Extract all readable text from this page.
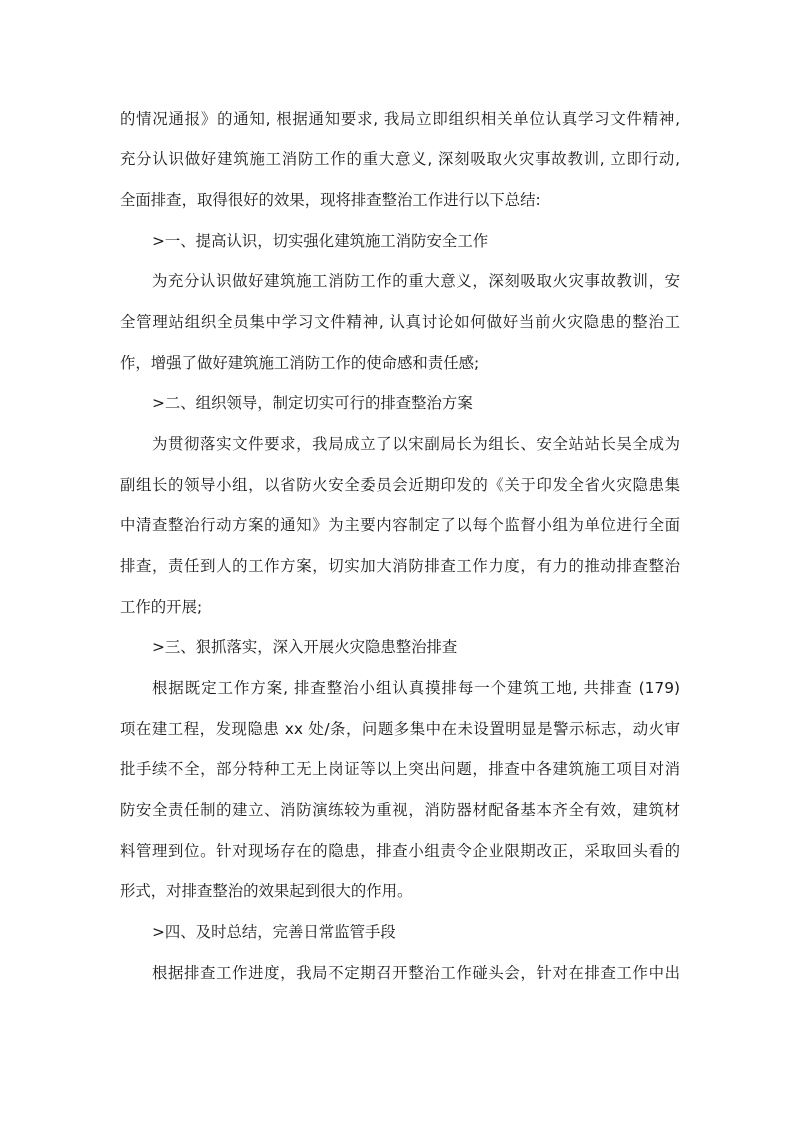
的情况通报》的通知, 根据通知要求, 我局立即组织相关单位认真学习文件精神,
充分认识做好建筑施工消防工作的重大意义, 深刻吸取火灾事故教训, 立即行动,
全面排查，取得很好的效果，现将排查整治工作进行以下总结:
>一、提高认识，切实强化建筑施工消防安全工作
为充分认识做好建筑施工消防工作的重大意义，深刻吸取火灾事故教训，安
全管理站组织全员集中学习文件精神, 认真讨论如何做好当前火灾隐患的整治工
作，增强了做好建筑施工消防工作的使命感和责任感;
>二、组织领导，制定切实可行的排查整治方案
为贯彻落实文件要求，我局成立了以宋副局长为组长、安全站站长吴全成为
副组长的领导小组，以省防火安全委员会近期印发的《关于印发全省火灾隐患集
中清查整治行动方案的通知》为主要内容制定了以每个监督小组为单位进行全面
排查，责任到人的工作方案，切实加大消防排查工作力度，有力的推动排查整治
工作的开展;
>三、狠抓落实，深入开展火灾隐患整治排查
根据既定工作方案, 排查整治小组认真摸排每一个建筑工地, 共排查 (179)
项在建工程，发现隐患 xx 处/条，问题多集中在未设置明显是警示标志，动火审
批手续不全，部分特种工无上岗证等以上突出问题，排查中各建筑施工项目对消
防安全责任制的建立、消防演练较为重视，消防器材配备基本齐全有效，建筑材
料管理到位。针对现场存在的隐患，排查小组责令企业限期改正，采取回头看的
形式，对排查整治的效果起到很大的作用。
>四、及时总结，完善日常监管手段
根据排查工作进度，我局不定期召开整治工作碰头会，针对在排查工作中出
